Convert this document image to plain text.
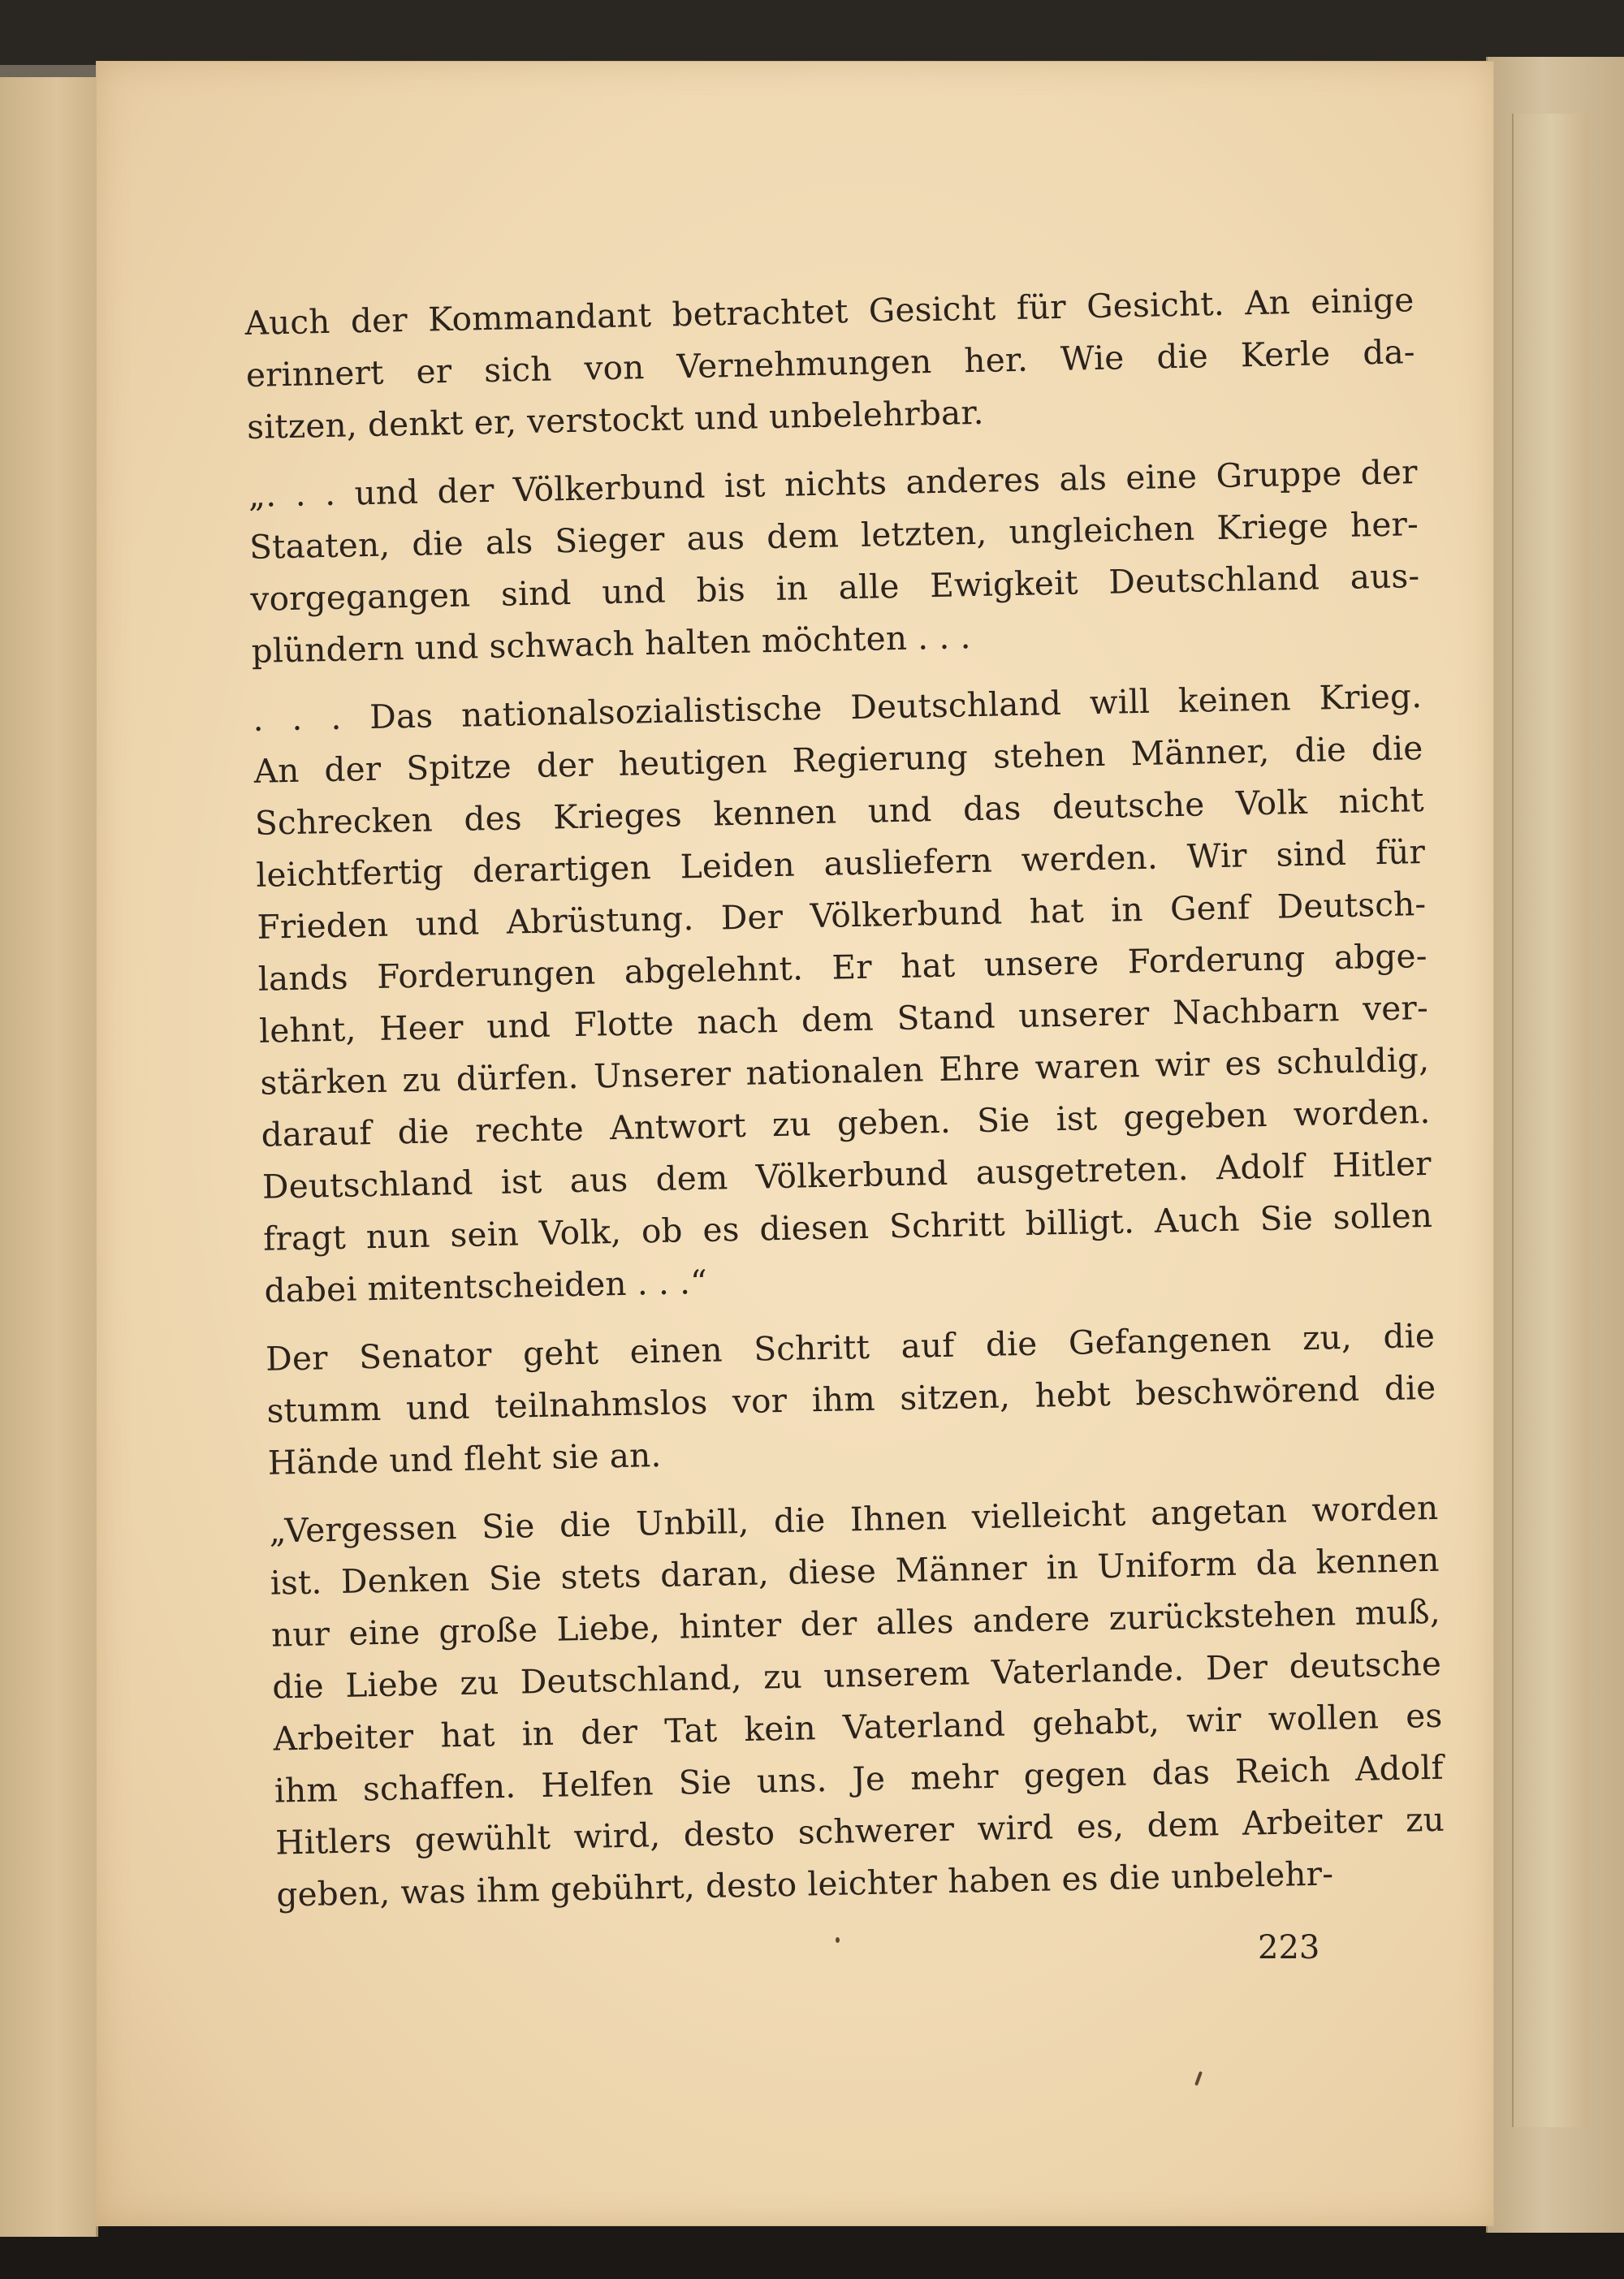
Auch der Kommandant betrachtet Gesicht für Gesicht. An einige
erinnert er sich von Vernehmungen her. Wie die Kerle da-
sitzen, denkt er, verstockt und unbelehrbar.
„. . . und der Völkerbund ist nichts anderes als eine Gruppe der
Staaten, die als Sieger aus dem letzten, ungleichen Kriege her-
vorgegangen sind und bis in alle Ewigkeit Deutschland aus-
plündern und schwach halten möchten . . .
. . . Das nationalsozialistische Deutschland will keinen Krieg.
An der Spitze der heutigen Regierung stehen Männer, die die
Schrecken des Krieges kennen und das deutsche Volk nicht
leichtfertig derartigen Leiden ausliefern werden. Wir sind für
Frieden und Abrüstung. Der Völkerbund hat in Genf Deutsch-
lands Forderungen abgelehnt. Er hat unsere Forderung abge-
lehnt, Heer und Flotte nach dem Stand unserer Nachbarn ver-
stärken zu dürfen. Unserer nationalen Ehre waren wir es schuldig,
darauf die rechte Antwort zu geben. Sie ist gegeben worden.
Deutschland ist aus dem Völkerbund ausgetreten. Adolf Hitler
fragt nun sein Volk, ob es diesen Schritt billigt. Auch Sie sollen
dabei mitentscheiden . . .“
Der Senator geht einen Schritt auf die Gefangenen zu, die
stumm und teilnahmslos vor ihm sitzen, hebt beschwörend die
Hände und fleht sie an.
„Vergessen Sie die Unbill, die Ihnen vielleicht angetan worden
ist. Denken Sie stets daran, diese Männer in Uniform da kennen
nur eine große Liebe, hinter der alles andere zurückstehen muß,
die Liebe zu Deutschland, zu unserem Vaterlande. Der deutsche
Arbeiter hat in der Tat kein Vaterland gehabt, wir wollen es
ihm schaffen. Helfen Sie uns. Je mehr gegen das Reich Adolf
Hitlers gewühlt wird, desto schwerer wird es, dem Arbeiter zu
geben, was ihm gebührt, desto leichter haben es die unbelehr-
223
